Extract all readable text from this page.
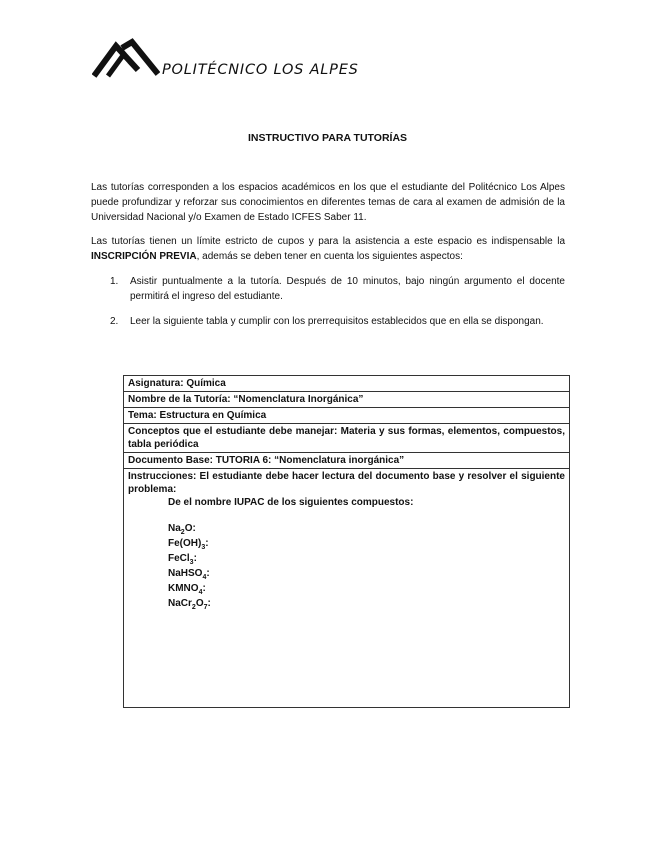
POLITÉCNICO LOS ALPES
INSTRUCTIVO PARA TUTORÍAS

Las tutorías corresponden a los espacios académicos en los que el estudiante del Politécnico Los Alpes puede profundizar y reforzar sus conocimientos en diferentes temas de cara al examen de admisión de la Universidad Nacional y/o Examen de Estado ICFES Saber 11.

Las tutorías tienen un límite estricto de cupos y para la asistencia a este espacio es indispensable la INSCRIPCIÓN PREVIA, además se deben tener en cuenta los siguientes aspectos:

1. Asistir puntualmente a la tutoría. Después de 10 minutos, bajo ningún argumento el docente permitirá el ingreso del estudiante.
2. Leer la siguiente tabla y cumplir con los prerrequisitos establecidos que en ella se dispongan.
Asignatura: Química
Nombre de la Tutoría: “Nomenclatura Inorgánica”
Tema: Estructura en Química
Conceptos que el estudiante debe manejar: Materia y sus formas, elementos, compuestos, tabla periódica
Documento Base: TUTORIA 6: “Nomenclatura inorgánica”

Instrucciones: El estudiante debe hacer lectura del documento base y resolver el siguiente problema:
De el nombre IUPAC de los siguientes compuestos:
$Na_2O$:
$Fe(OH)_3$:
FeCl$_3$:
NaHSO$_4$:
$KMNO_4$:
$NaCr_2O_7$:
